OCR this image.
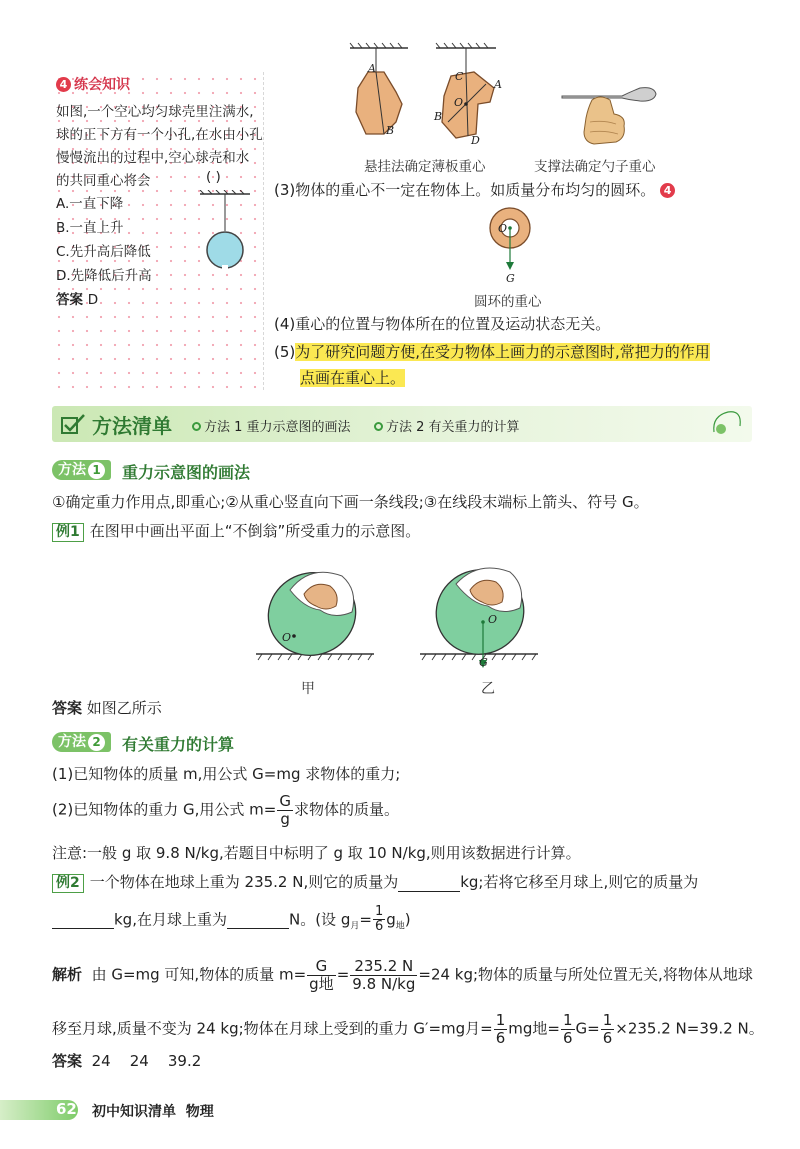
4 练会知识
如图,一个空心均匀球壳里注满水,
球的正下方有一个小孔,在水由小孔
慢慢流出的过程中,空心球壳和水
的共同重心将会	( )
A.一直下降
B.一直上升
C.先升高后降低
D.先降低后升高
答案 D
A
B
C
A
O
B
D
悬挂法确定薄板重心	支撑法确定勺子重心
(3)物体的重心不一定在物体上。如质量分布均匀的圆环。 4
O
G
圆环的重心
(4)重心的位置与物体所在的位置及运动状态无关。
(5)为了研究问题方便,在受力物体上画力的示意图时,常把力的作用
点画在重心上。
方法清单	方法 1 重力示意图的画法	方法 2 有关重力的计算
方法 1	重力示意图的画法
①确定重力作用点,即重心;②从重心竖直向下画一条线段;③在线段末端标上箭头、符号 G。
例1 在图甲中画出平面上“不倒翁”所受重力的示意图。
O
O
G
甲	乙
答案 如图乙所示
方法 2	有关重力的计算
(1)已知物体的质量 m,用公式 G=mg 求物体的重力;
(2)已知物体的重力 G,用公式 $m= \frac{G}{g}$ 求物体的质量。
注意:一般 g 取 9.8 N/kg,若题目中标明了 g 取 10 N/kg,则用该数据进行计算。
例2 一个物体在地球上重为 235.2 N,则它的质量为	kg;若将它移至月球上,则它的质量为
kg,在月球上重为	N。(设 $g_月= \frac{1}{6} g_地$)
解析 由 G=mg 可知,物体的质量 $m= \frac{G}{\text{g地}} = \frac{235.2 N}{9.8 N/kg} =24$ kg;物体的质量与所处位置无关,将物体从地球
移至月球,质量不变为 24 kg;物体在月球上受到的重力 G′=mg月= $\frac{1}{6}$ mg地= $\frac{1}{6} G= \frac{1}{6} \times 235.2$ N=39.2 N。
答案 24    24    39.2
62 初中知识清单 物理
